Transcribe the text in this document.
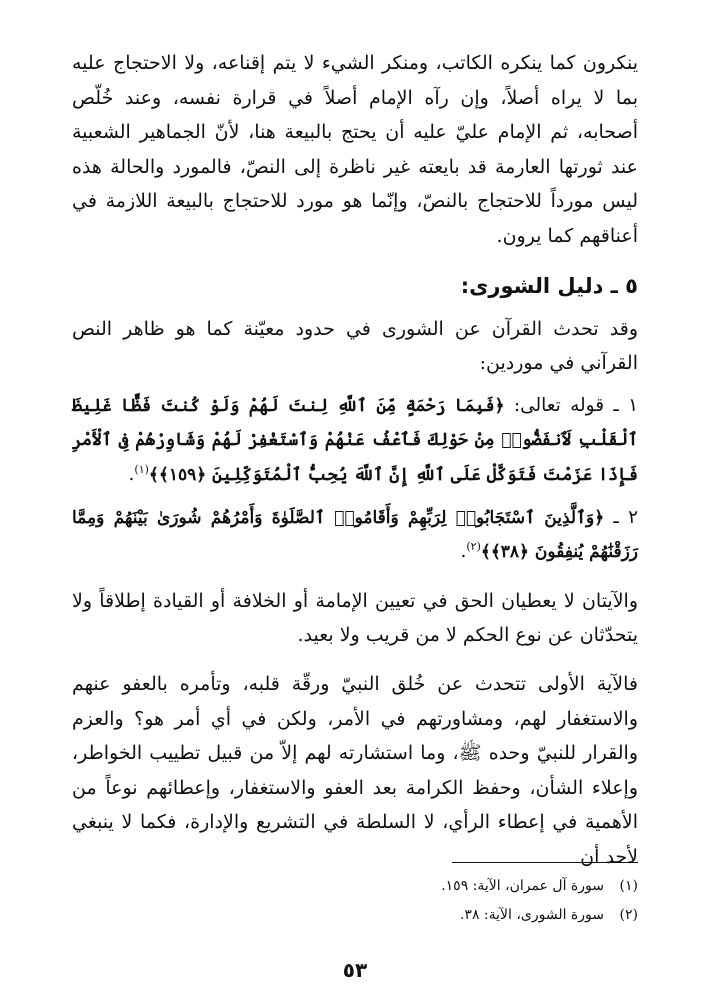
ينكرون كما ينكره الكاتب، ومنكر الشيء لا يتم إقناعه، ولا الاحتجاج عليه بما لا يراه أصلاً، وإن رآه الإمام أصلاً في قرارة نفسه، وعند خُلّص أصحابه، ثم الإمام عليّ عليه أن يحتج بالبيعة هنا، لأنّ الجماهير الشعبية عند ثورتها العارمة قد بايعته غير ناظرة إلى النصّ، فالمورد والحالة هذه ليس مورداً للاحتجاج بالنصّ، وإنّما هو مورد للاحتجاج بالبيعة اللازمة في أعناقهم كما يرون.

٥ ـ دليل الشورى:

وقد تحدث القرآن عن الشورى في حدود معيّنة كما هو ظاهر النص القرآني في موردين:

١ ـ قوله تعالى: ﴿فَبِمَا رَحْمَةٍ مِّنَ ٱللَّهِ لِنتَ لَهُمْ وَلَوْ كُنتَ فَظًّا غَلِيظَ ٱلْقَلْبِ لَٱنفَضُّوا۟ مِنْ حَوْلِكَ فَٱعْفُ عَنْهُمْ وَٱسْتَغْفِرْ لَهُمْ وَشَاوِرْهُمْ فِى ٱلْأَمْرِ فَإِذَا عَزَمْتَ فَتَوَكَّلْ عَلَى ٱللَّهِ إِنَّ ٱللَّهَ يُحِبُّ ٱلْمُتَوَكِّلِينَ ﴿١٥٩﴾﴾$^{(١)}$.

٢ ـ ﴿وَٱلَّذِينَ ٱسْتَجَابُوا۟ لِرَبِّهِمْ وَأَقَامُوا۟ ٱلصَّلَوٰةَ وَأَمْرُهُمْ شُورَىٰ بَيْنَهُمْ وَمِمَّا رَزَقْنَٰهُمْ يُنفِقُونَ ﴿٣٨﴾﴾$^{(٢)}$.

والآيتان لا يعطيان الحق في تعيين الإمامة أو الخلافة أو القيادة إطلاقاً ولا يتحدّثان عن نوع الحكم لا من قريب ولا بعيد.

فالآية الأولى تتحدث عن خُلق النبيّ ورقّة قلبه، وتأمره بالعفو عنهم والاستغفار لهم، ومشاورتهم في الأمر، ولكن في أي أمر هو؟ والعزم والقرار للنبيّ وحده ﷺ، وما استشارته لهم إلاّ من قبيل تطييب الخواطر، وإعلاء الشأن، وحفظ الكرامة بعد العفو والاستغفار، وإعطائهم نوعاً من الأهمية في إعطاء الرأي، لا السلطة في التشريع والإدارة، فكما لا ينبغي لأحد أن

(١)سورة آل عمران، الآية: ١٥٩.

(٢)سورة الشورى، الآية: ٣٨.

٥٣
